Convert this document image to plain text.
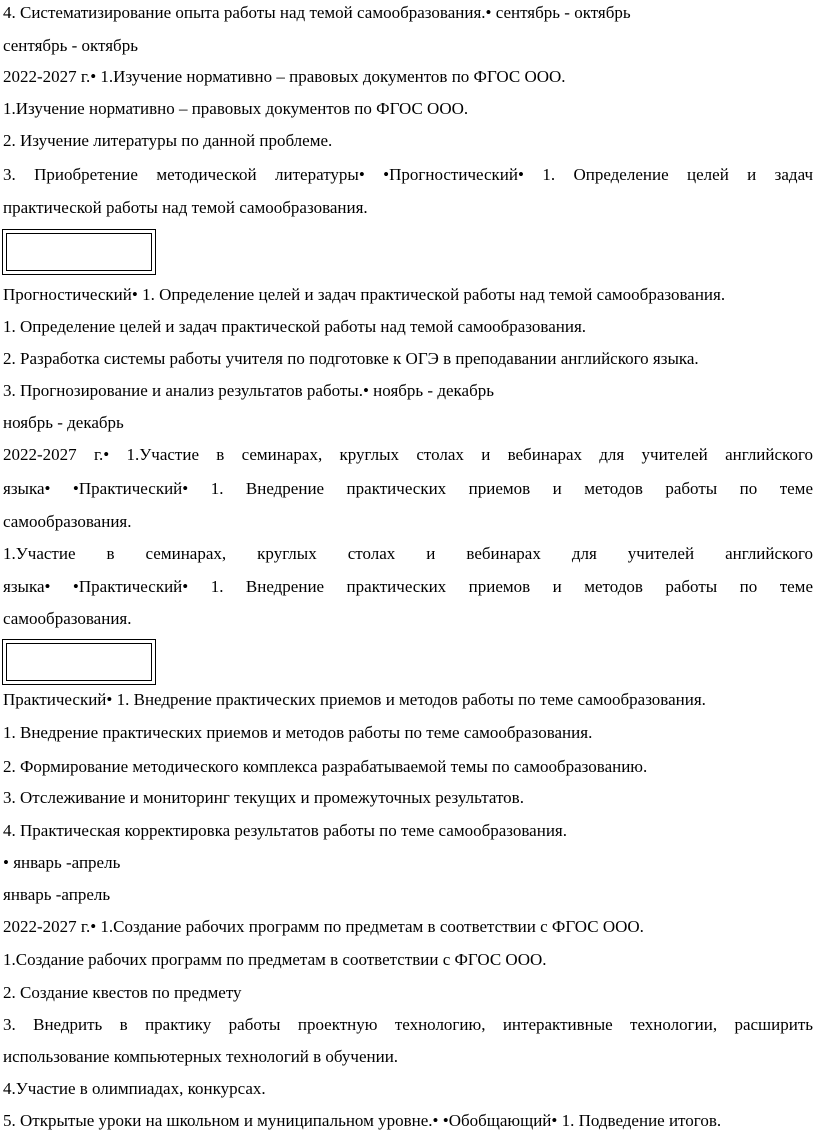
4. Систематизирование опыта работы над темой самообразования.• сентябрь - октябрь
сентябрь - октябрь
2022-2027 г.• 1.Изучение нормативно – правовых документов по ФГОС ООО.
1.Изучение нормативно – правовых документов по ФГОС ООО.
2. Изучение литературы по данной проблеме.
3. Приобретение методической литературы• •Прогностический• 1. Определение целей и задач
практической работы над темой самообразования.
Прогностический• 1. Определение целей и задач практической работы над темой самообразования.
1. Определение целей и задач практической работы над темой самообразования.
2. Разработка системы работы учителя по подготовке к ОГЭ в преподавании английского языка.
3. Прогнозирование и анализ результатов работы.• ноябрь - декабрь
ноябрь - декабрь
2022-2027 г.• 1.Участие в семинарах, круглых столах и вебинарах для учителей английского
языка• •Практический• 1. Внедрение практических приемов и методов работы по теме
самообразования.
1.Участие в семинарах, круглых столах и вебинарах для учителей английского
языка• •Практический• 1. Внедрение практических приемов и методов работы по теме
самообразования.
Практический• 1. Внедрение практических приемов и методов работы по теме самообразования.
1. Внедрение практических приемов и методов работы по теме самообразования.
2. Формирование методического комплекса разрабатываемой темы по самообразованию.
3. Отслеживание и мониторинг текущих и промежуточных результатов.
4. Практическая корректировка результатов работы по теме самообразования.
• январь -апрель
январь -апрель
2022-2027 г.• 1.Создание рабочих программ по предметам в соответствии с ФГОС ООО.
1.Создание рабочих программ по предметам в соответствии с ФГОС ООО.
2. Создание квестов по предмету
3. Внедрить в практику работы проектную технологию, интерактивные технологии, расширить
использование компьютерных технологий в обучении.
4.Участие в олимпиадах, конкурсах.
5. Открытые уроки на школьном и муниципальном уровне.• •Обобщающий• 1. Подведение итогов.
